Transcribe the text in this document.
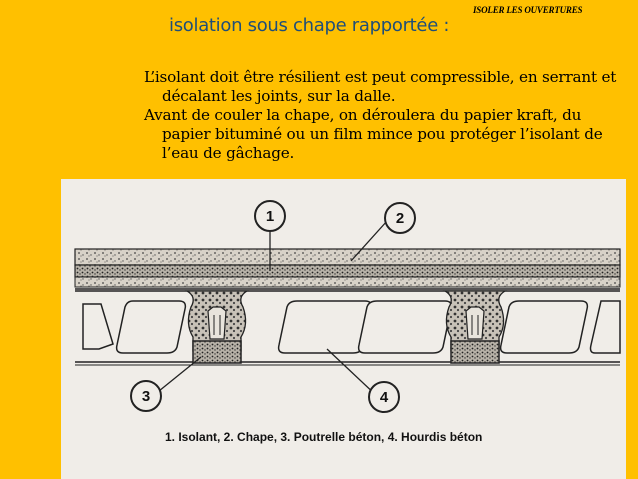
ISOLER LES OUVERTURES
isolation sous chape rapportée :

L’isolant doit être résilient est peut compressible, en serrant et décalant les joints, sur la dalle.

Avant de couler la chape, on déroulera du papier kraft, du papier bituminé ou un film mince pou protéger l’isolant de l’eau de gâchage.

1	2
3	4
1. Isolant, 2. Chape, 3. Poutrelle béton, 4. Hourdis béton
